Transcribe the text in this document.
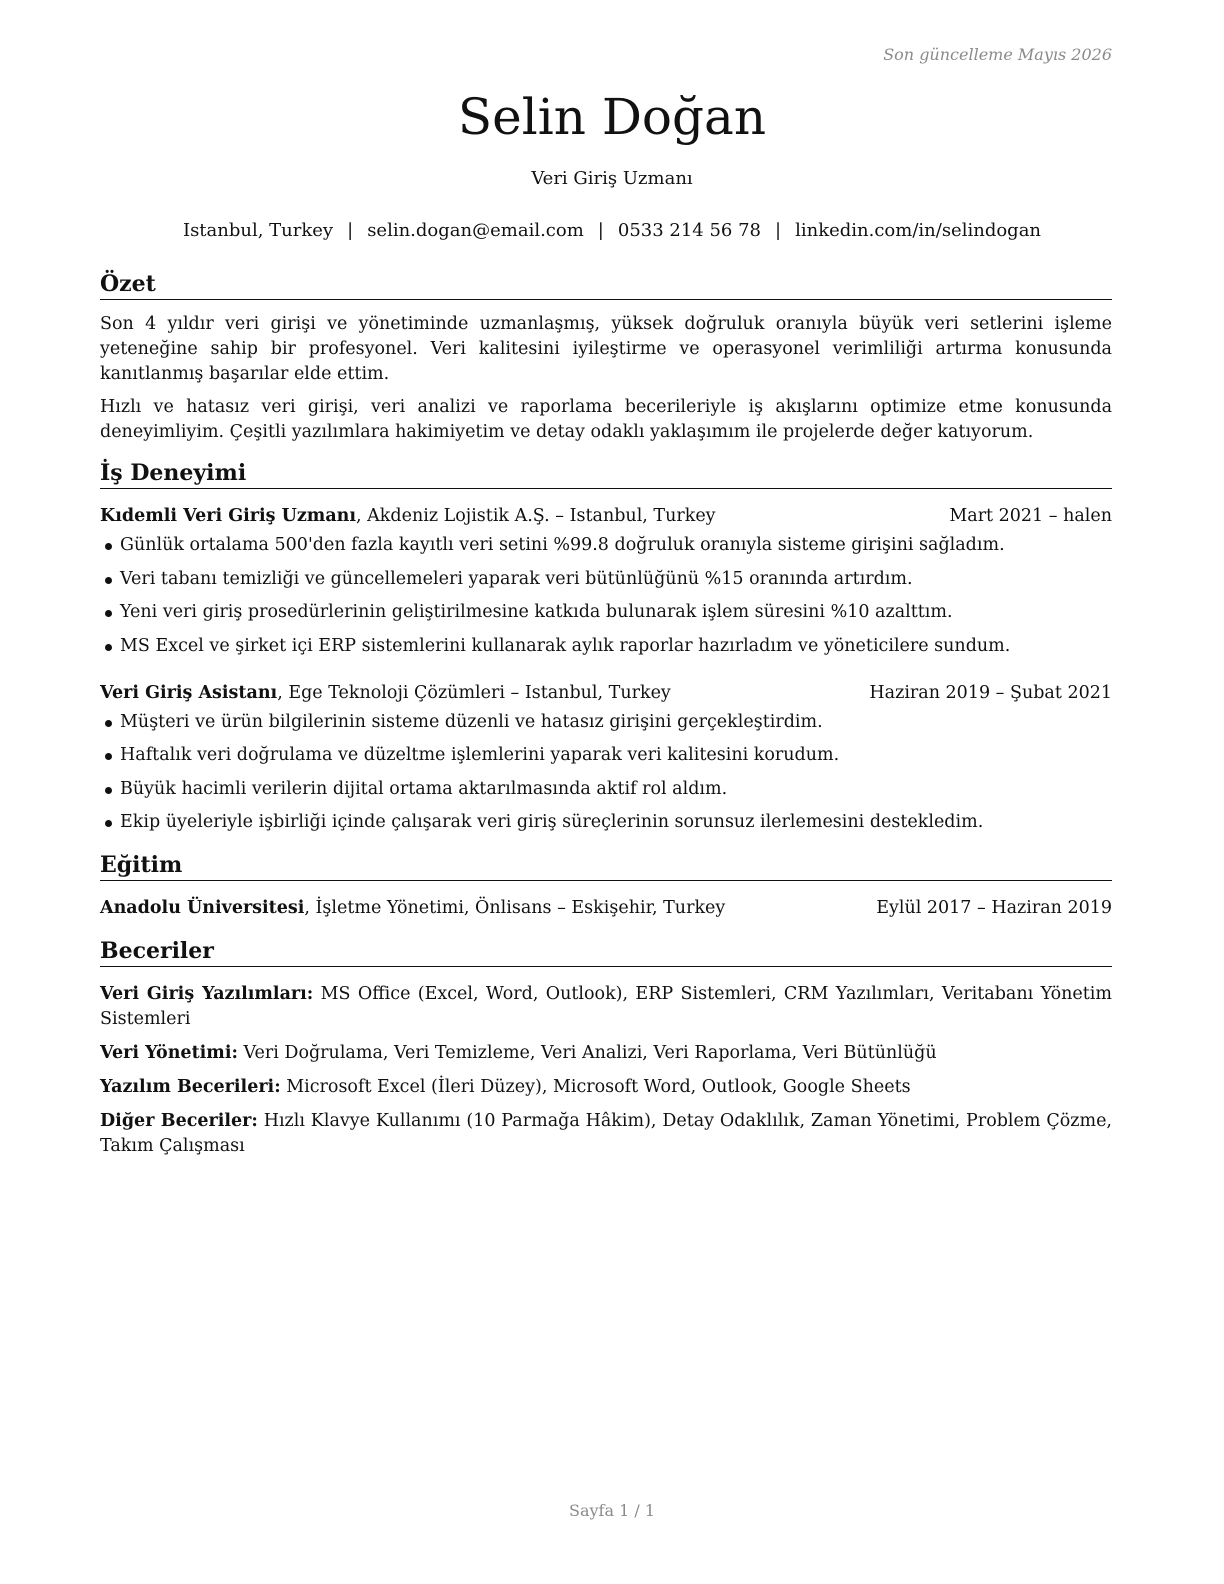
Son güncelleme Mayıs 2026
Selin Doğan
Veri Giriş Uzmanı
Istanbul, Turkey | selin.dogan@email.com | 0533 214 56 78 | linkedin.com/in/selindogan
Özet

Son 4 yıldır veri girişi ve yönetiminde uzmanlaşmış, yüksek doğruluk oranıyla büyük veri setlerini işleme yeteneğine sahip bir profesyonel. Veri kalitesini iyileştirme ve operasyonel verimliliği artırma konusunda kanıtlanmış başarılar elde ettim.

Hızlı ve hatasız veri girişi, veri analizi ve raporlama becerileriyle iş akışlarını optimize etme konusunda deneyimliyim. Çeşitli yazılımlara hakimiyetim ve detay odaklı yaklaşımım ile projelerde değer katıyorum.

İş Deneyimi
Kıdemli Veri Giriş Uzmanı, Akdeniz Lojistik A.Ş. – Istanbul, Turkey	Mart 2021 – halen
Günlük ortalama 500'den fazla kayıtlı veri setini %99.8 doğruluk oranıyla sisteme girişini sağladım.
Veri tabanı temizliği ve güncellemeleri yaparak veri bütünlüğünü %15 oranında artırdım.
Yeni veri giriş prosedürlerinin geliştirilmesine katkıda bulunarak işlem süresini %10 azalttım.
MS Excel ve şirket içi ERP sistemlerini kullanarak aylık raporlar hazırladım ve yöneticilere sundum.
Veri Giriş Asistanı, Ege Teknoloji Çözümleri – Istanbul, Turkey	Haziran 2019 – Şubat 2021
Müşteri ve ürün bilgilerinin sisteme düzenli ve hatasız girişini gerçekleştirdim.
Haftalık veri doğrulama ve düzeltme işlemlerini yaparak veri kalitesini korudum.
Büyük hacimli verilerin dijital ortama aktarılmasında aktif rol aldım.
Ekip üyeleriyle işbirliği içinde çalışarak veri giriş süreçlerinin sorunsuz ilerlemesini destekledim.
Eğitim
Anadolu Üniversitesi, İşletme Yönetimi, Önlisans – Eskişehir, Turkey	Eylül 2017 – Haziran 2019
Beceriler

Veri Giriş Yazılımları: MS Office (Excel, Word, Outlook), ERP Sistemleri, CRM Yazılımları, Veritabanı Yönetim Sistemleri

Veri Yönetimi: Veri Doğrulama, Veri Temizleme, Veri Analizi, Veri Raporlama, Veri Bütünlüğü

Yazılım Becerileri: Microsoft Excel (İleri Düzey), Microsoft Word, Outlook, Google Sheets

Diğer Beceriler: Hızlı Klavye Kullanımı (10 Parmağa Hâkim), Detay Odaklılık, Zaman Yönetimi, Problem Çözme, Takım Çalışması

Sayfa 1 / 1
